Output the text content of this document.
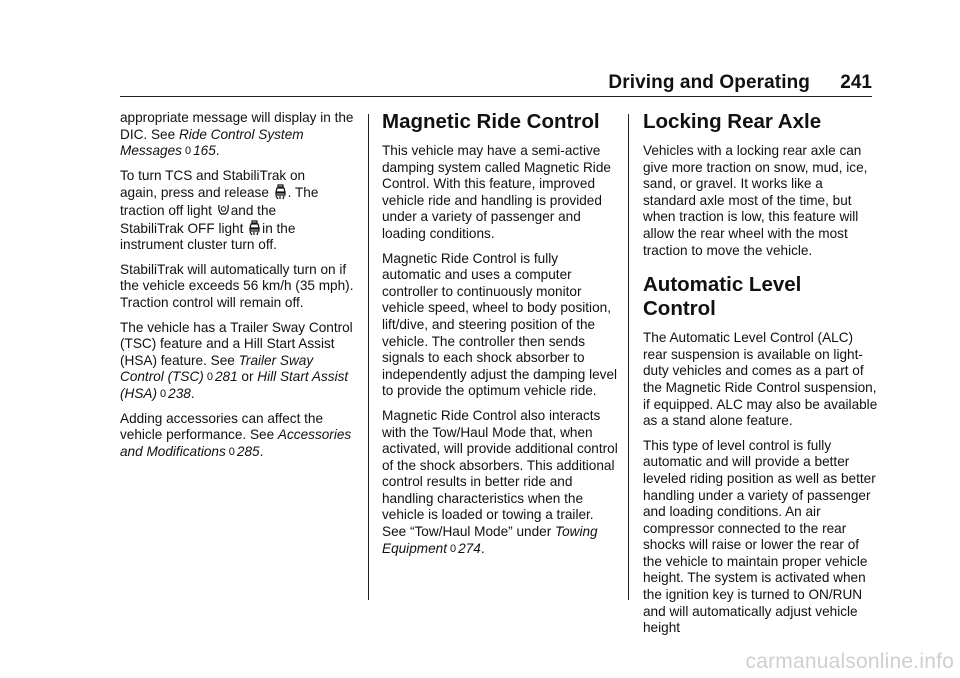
Driving and Operating 241

appropriate message will display in the DIC. See Ride Control System Messages 0 165.

To turn TCS and StabiliTrak on
again, press and release . The
traction off light and the
StabiliTrak OFF light in the
instrument cluster turn off.

StabiliTrak will automatically turn on if the vehicle exceeds 56 km/h (35 mph). Traction control will remain off.

The vehicle has a Trailer Sway Control (TSC) feature and a Hill Start Assist (HSA) feature. See Trailer Sway Control (TSC) 0 281 or Hill Start Assist (HSA) 0 238.

Adding accessories can affect the vehicle performance. See Accessories and Modifications 0 285.

Magnetic Ride Control

This vehicle may have a semi-active damping system called Magnetic Ride Control. With this feature, improved vehicle ride and handling is provided under a variety of passenger and loading conditions.

Magnetic Ride Control is fully automatic and uses a computer controller to continuously monitor vehicle speed, wheel to body position, lift/dive, and steering position of the vehicle. The controller then sends signals to each shock absorber to independently adjust the damping level to provide the optimum vehicle ride.

Magnetic Ride Control also interacts with the Tow/Haul Mode that, when activated, will provide additional control of the shock absorbers. This additional control results in better ride and handling characteristics when the vehicle is loaded or towing a trailer. See “Tow/Haul Mode” under Towing Equipment 0 274.

Locking Rear Axle

Vehicles with a locking rear axle can give more traction on snow, mud, ice, sand, or gravel. It works like a standard axle most of the time, but when traction is low, this feature will allow the rear wheel with the most traction to move the vehicle.

Automatic Level Control

The Automatic Level Control (ALC) rear suspension is available on light-duty vehicles and comes as a part of the Magnetic Ride Control suspension, if equipped. ALC may also be available as a stand alone feature.

This type of level control is fully automatic and will provide a better leveled riding position as well as better handling under a variety of passenger and loading conditions. An air compressor connected to the rear shocks will raise or lower the rear of the vehicle to maintain proper vehicle height. The system is activated when the ignition key is turned to ON/RUN and will automatically adjust vehicle height

carmanualsonline.info
